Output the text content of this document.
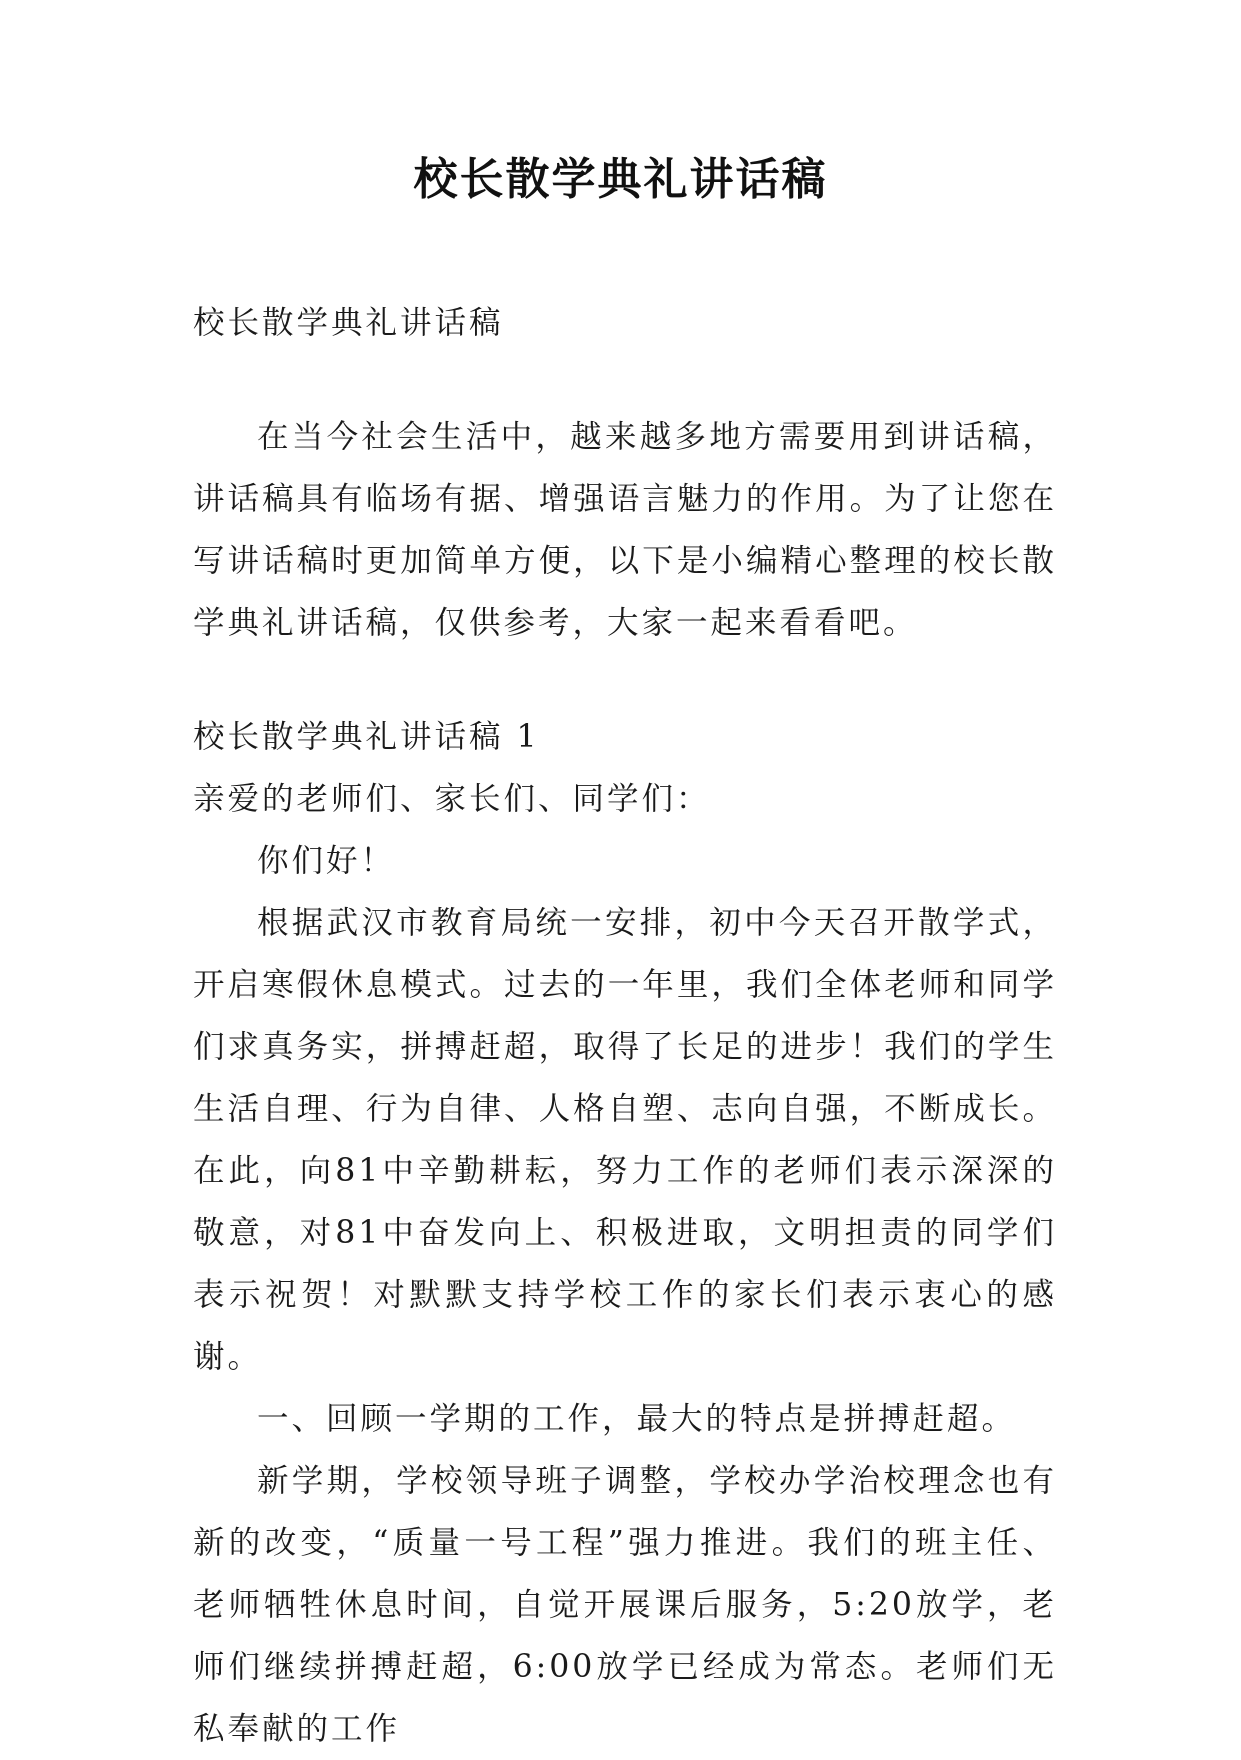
校长散学典礼讲话稿

校长散学典礼讲话稿

在当今社会生活中，越来越多地方需要用到讲话稿，讲话稿具有临场有据、增强语言魅力的作用。为了让您在写讲话稿时更加简单方便，以下是小编精心整理的校长散学典礼讲话稿，仅供参考，大家一起来看看吧。

校长散学典礼讲话稿 1

亲爱的老师们、家长们、同学们：

你们好！

根据武汉市教育局统一安排，初中今天召开散学式，开启寒假休息模式。过去的一年里，我们全体老师和同学们求真务实，拼搏赶超，取得了长足的进步！我们的学生生活自理、行为自律、人格自塑、志向自强，不断成长。在此，向81中辛勤耕耘，努力工作的老师们表示深深的敬意，对81中奋发向上、积极进取，文明担责的同学们表示祝贺！对默默支持学校工作的家长们表示衷心的感谢。

一、回顾一学期的工作，最大的特点是拼搏赶超。

新学期，学校领导班子调整，学校办学治校理念也有新的改变，“质量一号工程”强力推进。我们的班主任、老师牺牲休息时间，自觉开展课后服务，5:20放学，老师们继续拼搏赶超，6:00放学已经成为常态。老师们无私奉献的工作
